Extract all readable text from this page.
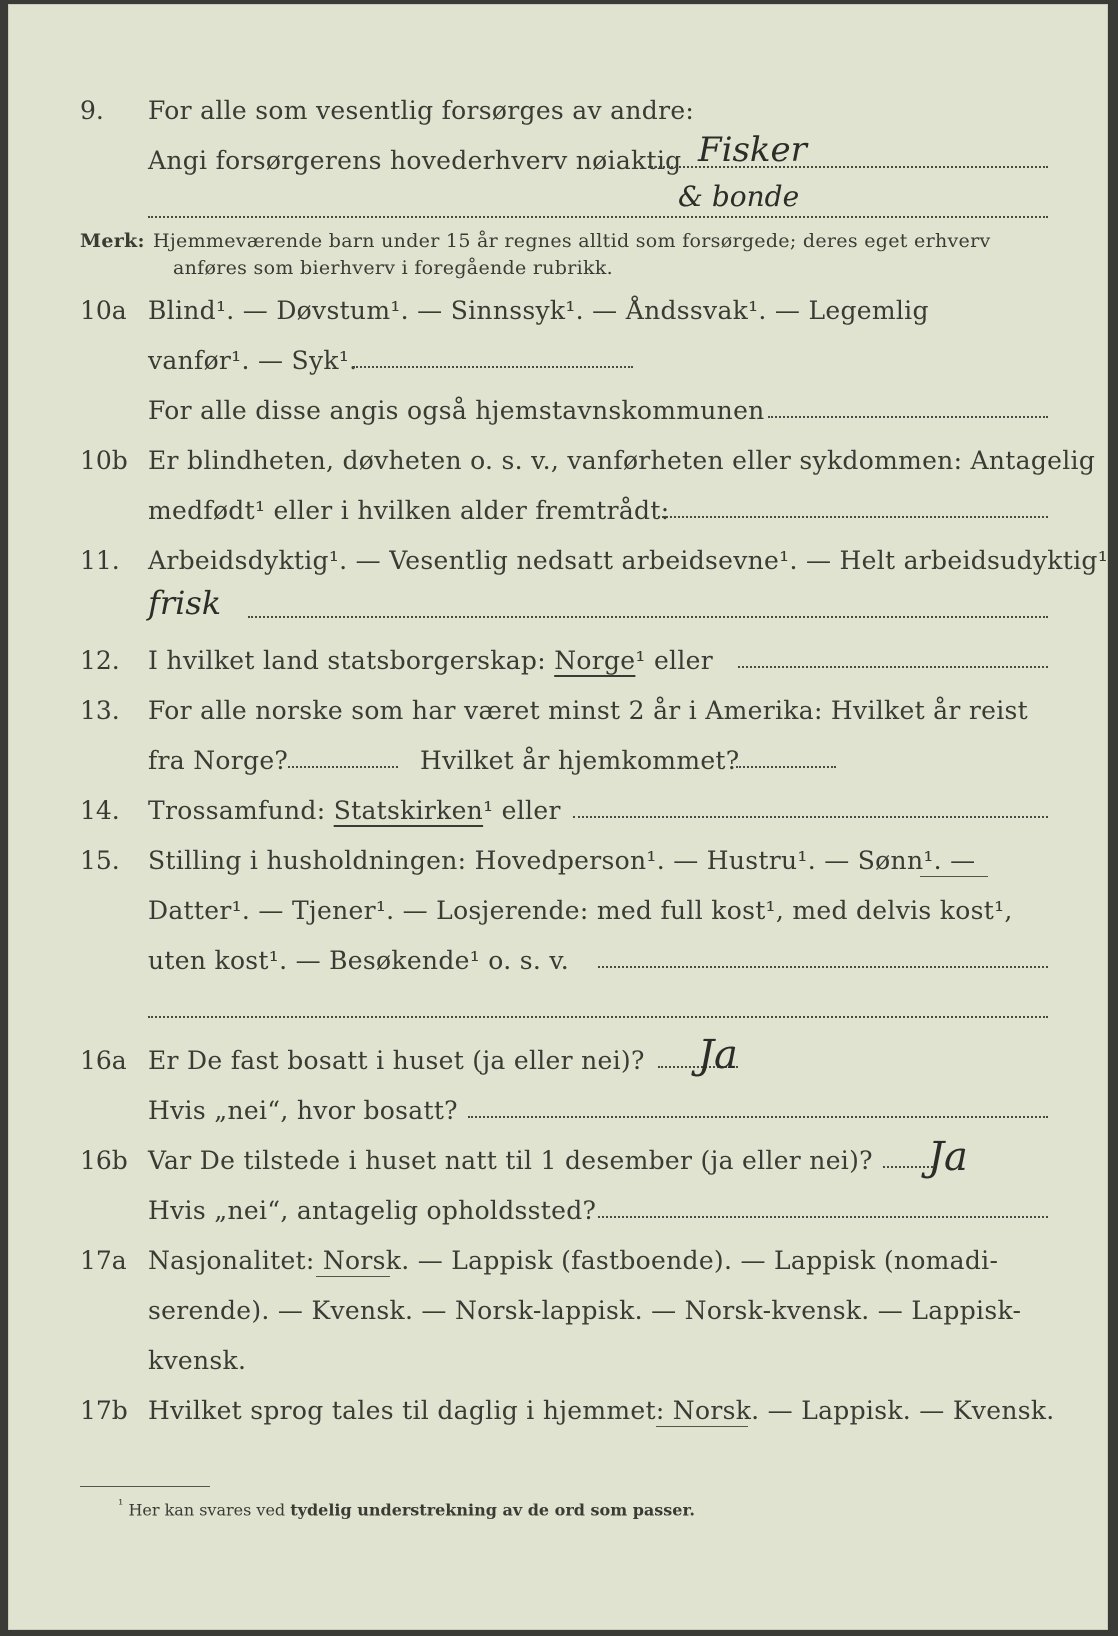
9. For alle som vesentlig forsørges av andre:
Angi forsørgerens hovederhverv nøiaktig Fisker
& bonde
Merk: Hjemmeværende barn under 15 år regnes alltid som forsørgede; deres eget erhverv
anføres som bierhverv i foregående rubrikk.
10a Blind¹. — Døvstum¹. — Sinnssyk¹. — Åndssvak¹. — Legemlig
vanfør¹. — Syk¹.
For alle disse angis også hjemstavnskommunen
10b Er blindheten, døvheten o. s. v., vanførheten eller sykdommen: Antagelig
medfødt¹ eller i hvilken alder fremtrådt:
11. Arbeidsdyktig¹. — Vesentlig nedsatt arbeidsevne¹. — Helt arbeidsudyktig¹.
frisk
12. I hvilket land statsborgerskap: Norge¹ eller
13. For alle norske som har været minst 2 år i Amerika: Hvilket år reist
fra Norge?	Hvilket år hjemkommet?
14. Trossamfund: Statskirken¹ eller
15. Stilling i husholdningen: Hovedperson¹. — Hustru¹. — Sønn¹. —
Datter¹. — Tjener¹. — Losjerende: med full kost¹, med delvis kost¹,
uten kost¹. — Besøkende¹ o. s. v.
16a Er De fast bosatt i huset (ja eller nei)? Ja
Hvis „nei“, hvor bosatt?
16b Var De tilstede i huset natt til 1 desember (ja eller nei)? Ja
Hvis „nei“, antagelig opholdssted?
17a Nasjonalitet: Norsk. — Lappisk (fastboende). — Lappisk (nomadi-
serende). — Kvensk. — Norsk-lappisk. — Norsk-kvensk. — Lappisk-
kvensk.
17b Hvilket sprog tales til daglig i hjemmet: Norsk. — Lappisk. — Kvensk.
$^{^1}$ Her kan svares ved tydelig understrekning av de ord som passer.
